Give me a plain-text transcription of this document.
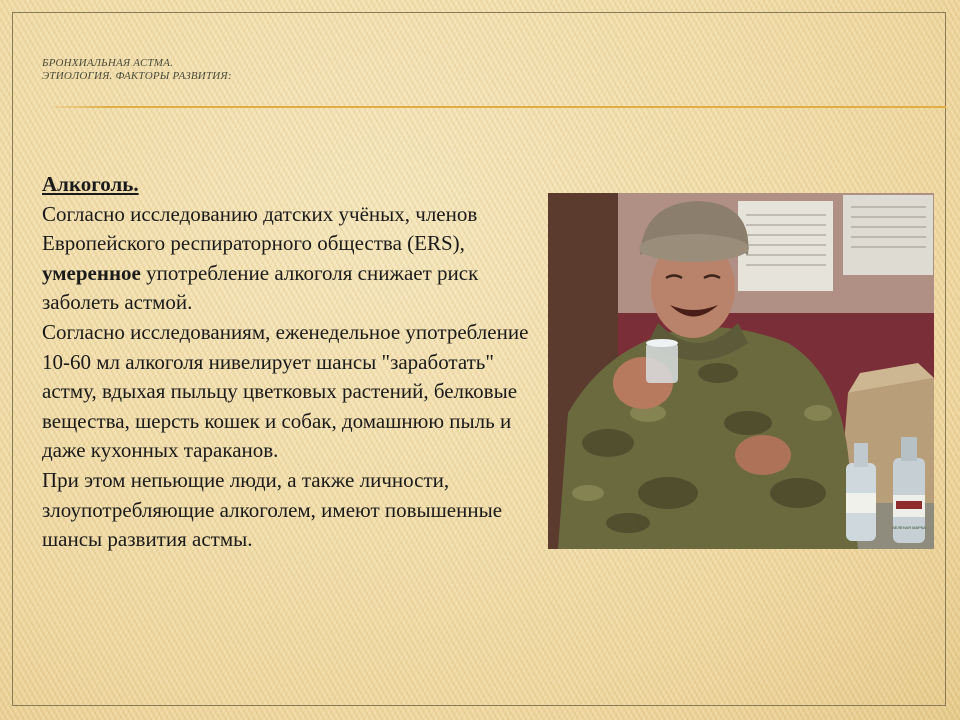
БРОНХИАЛЬНАЯ АСТМА.
ЭТИОЛОГИЯ. ФАКТОРЫ РАЗВИТИЯ:

Алкоголь.

Согласно исследованию датских учёных, членов Европейского респираторного общества (ERS), умеренное употребление алкоголя снижает риск заболеть астмой.

Согласно исследованиям, еженедельное употребление 10-60 мл алкоголя нивелирует шансы "заработать" астму, вдыхая пыльцу цветковых растений, белковые вещества, шерсть кошек и собак, домашнюю пыль и даже кухонных тараканов.

При этом непьющие люди, а также личности, злоупотребляющие алкоголем, имеют повышенные шансы развития астмы.	ЗЕЛЁНАЯ МАРКА
